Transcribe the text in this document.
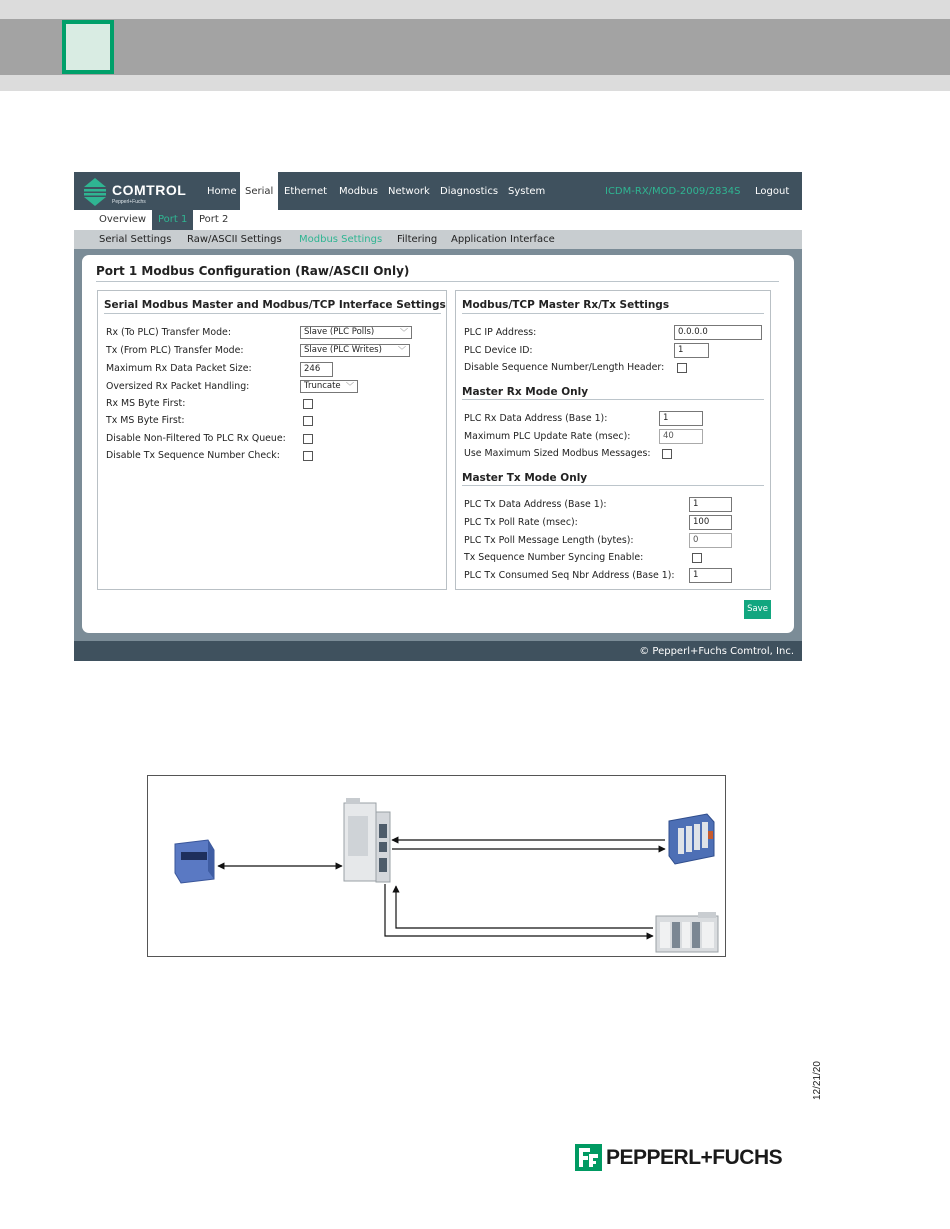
COMTROL
Pepperl+Fuchs
Home Serial	Ethernet Modbus Network Diagnostics System	ICDM-RX/MOD-2009/2834S Logout
Overview	Port 1	Port 2
Serial Settings Raw/ASCII Settings Modbus Settings Filtering Application Interface
Port 1 Modbus Configuration (Raw/ASCII Only)
Serial Modbus Master and Modbus/TCP Interface Settings
Rx (To PLC) Transfer Mode:	Slave (PLC Polls)	﹀
Tx (From PLC) Transfer Mode:	Slave (PLC Writes) ﹀
Maximum Rx Data Packet Size:	246
Oversized Rx Packet Handling:	Truncate ﹀
Rx MS Byte First:
Tx MS Byte First:
Disable Non-Filtered To PLC Rx Queue:
Disable Tx Sequence Number Check:
Modbus/TCP Master Rx/Tx Settings
PLC IP Address:	0.0.0.0
PLC Device ID:	1
Disable Sequence Number/Length Header:
Master Rx Mode Only
PLC Rx Data Address (Base 1):	1
Maximum PLC Update Rate (msec):	40
Use Maximum Sized Modbus Messages:
Master Tx Mode Only
PLC Tx Data Address (Base 1):	1
PLC Tx Poll Rate (msec):	100
PLC Tx Poll Message Length (bytes):	0
Tx Sequence Number Syncing Enable:
PLC Tx Consumed Seq Nbr Address (Base 1):	1
Save
© Pepperl+Fuchs Comtrol, Inc.
12/21/20
PEPPERL+FUCHS
